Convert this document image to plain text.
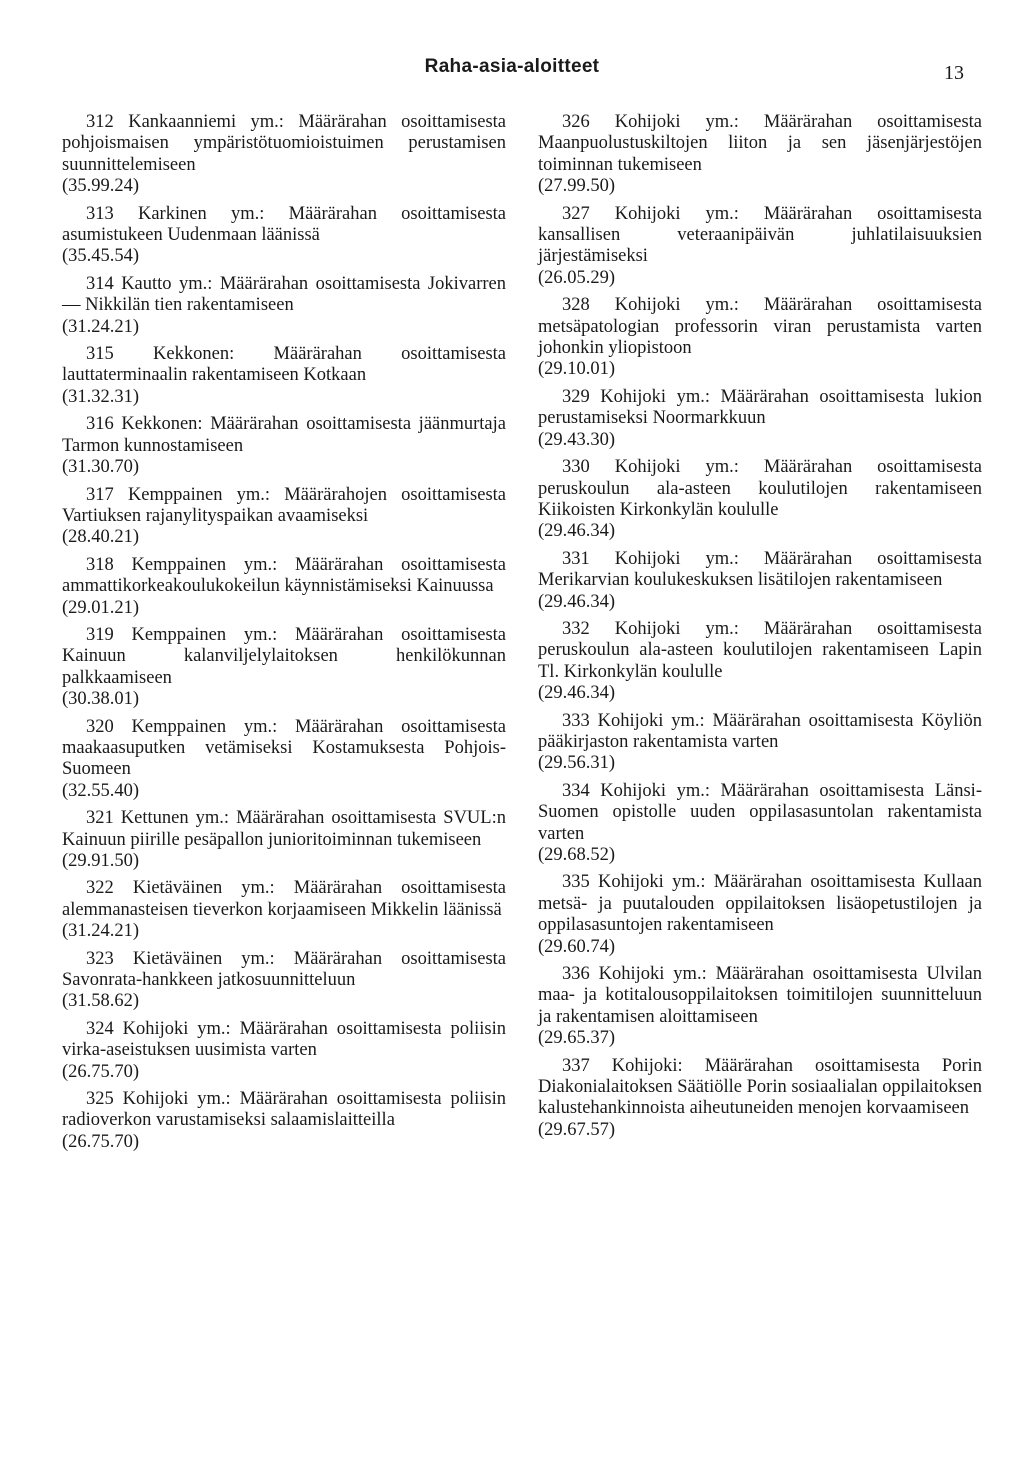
Raha-asia-aloitteet	13

312 Kankaanniemi ym.: Määrärahan osoittamisesta pohjoismaisen ympäristötuomioistuimen perustamisen suunnittelemiseen
(35.99.24)

313 Karkinen ym.: Määrärahan osoittamisesta asumistukeen Uudenmaan läänissä
(35.45.54)

314 Kautto ym.: Määrärahan osoittamisesta Jokivarren — Nikkilän tien rakentamiseen
(31.24.21)

315 Kekkonen: Määrärahan osoittamisesta lauttaterminaalin rakentamiseen Kotkaan
(31.32.31)

316 Kekkonen: Määrärahan osoittamisesta jäänmurtaja Tarmon kunnostamiseen
(31.30.70)

317 Kemppainen ym.: Määrärahojen osoittamisesta Vartiuksen rajanylityspaikan avaamiseksi
(28.40.21)

318 Kemppainen ym.: Määrärahan osoittamisesta ammattikorkeakoulukokeilun käynnistämiseksi Kainuussa
(29.01.21)

319 Kemppainen ym.: Määrärahan osoittamisesta Kainuun kalanviljelylaitoksen henkilökunnan palkkaamiseen
(30.38.01)

320 Kemppainen ym.: Määrärahan osoittamisesta maakaasuputken vetämiseksi Kostamuksesta Pohjois-Suomeen
(32.55.40)

321 Kettunen ym.: Määrärahan osoittamisesta SVUL:n Kainuun piirille pesäpallon junioritoiminnan tukemiseen
(29.91.50)

322 Kietäväinen ym.: Määrärahan osoittamisesta alemmanasteisen tieverkon korjaamiseen Mikkelin läänissä
(31.24.21)

323 Kietäväinen ym.: Määrärahan osoittamisesta Savonrata-hankkeen jatkosuunnitteluun
(31.58.62)

324 Kohijoki ym.: Määrärahan osoittamisesta poliisin virka-aseistuksen uusimista varten
(26.75.70)

325 Kohijoki ym.: Määrärahan osoittamisesta poliisin radioverkon varustamiseksi salaamislaitteilla
(26.75.70)

326 Kohijoki ym.: Määrärahan osoittamisesta Maanpuolustuskiltojen liiton ja sen jäsenjärjestöjen toiminnan tukemiseen
(27.99.50)

327 Kohijoki ym.: Määrärahan osoittamisesta kansallisen veteraanipäivän juhlatilaisuuksien järjestämiseksi
(26.05.29)

328 Kohijoki ym.: Määrärahan osoittamisesta metsäpatologian professorin viran perustamista varten johonkin yliopistoon
(29.10.01)

329 Kohijoki ym.: Määrärahan osoittamisesta lukion perustamiseksi Noormarkkuun
(29.43.30)

330 Kohijoki ym.: Määrärahan osoittamisesta peruskoulun ala-asteen koulutilojen rakentamiseen Kiikoisten Kirkonkylän koululle
(29.46.34)

331 Kohijoki ym.: Määrärahan osoittamisesta Merikarvian koulukeskuksen lisätilojen rakentamiseen
(29.46.34)

332 Kohijoki ym.: Määrärahan osoittamisesta peruskoulun ala-asteen koulutilojen rakentamiseen Lapin Tl. Kirkonkylän koululle
(29.46.34)

333 Kohijoki ym.: Määrärahan osoittamisesta Köyliön pääkirjaston rakentamista varten
(29.56.31)

334 Kohijoki ym.: Määrärahan osoittamisesta Länsi-Suomen opistolle uuden oppilasasuntolan rakentamista varten
(29.68.52)

335 Kohijoki ym.: Määrärahan osoittamisesta Kullaan metsä- ja puutalouden oppilaitoksen lisäopetustilojen ja oppilasasuntojen rakentamiseen
(29.60.74)

336 Kohijoki ym.: Määrärahan osoittamisesta Ulvilan maa- ja kotitalousoppilaitoksen toimitilojen suunnitteluun ja rakentamisen aloittamiseen
(29.65.37)

337 Kohijoki: Määrärahan osoittamisesta Porin Diakonialaitoksen Säätiölle Porin sosiaalialan oppilaitoksen kalustehankinnoista aiheutuneiden menojen korvaamiseen
(29.67.57)
